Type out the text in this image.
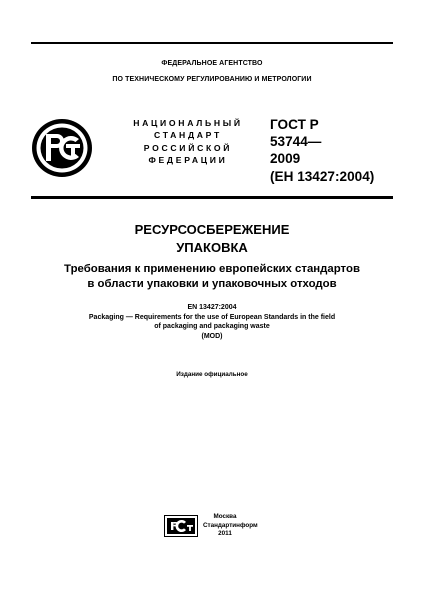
ФЕДЕРАЛЬНОЕ АГЕНТСТВО
ПО ТЕХНИЧЕСКОМУ РЕГУЛИРОВАНИЮ И МЕТРОЛОГИИ
НАЦИОНАЛЬНЫЙ
СТАНДАРТ
РОССИЙСКОЙ
ФЕДЕРАЦИИ
ГОСТ Р
53744—
2009
(ЕН 13427:2004)
РЕСУРСОСБЕРЕЖЕНИЕ
УПАКОВКА
Требования к применению европейских стандартов
в области упаковки и упаковочных отходов
EN 13427:2004
Packaging — Requirements for the use of European Standards in the field
of packaging and packaging waste
(MOD)
Издание официальное
Москва
Стандартинформ
2011
